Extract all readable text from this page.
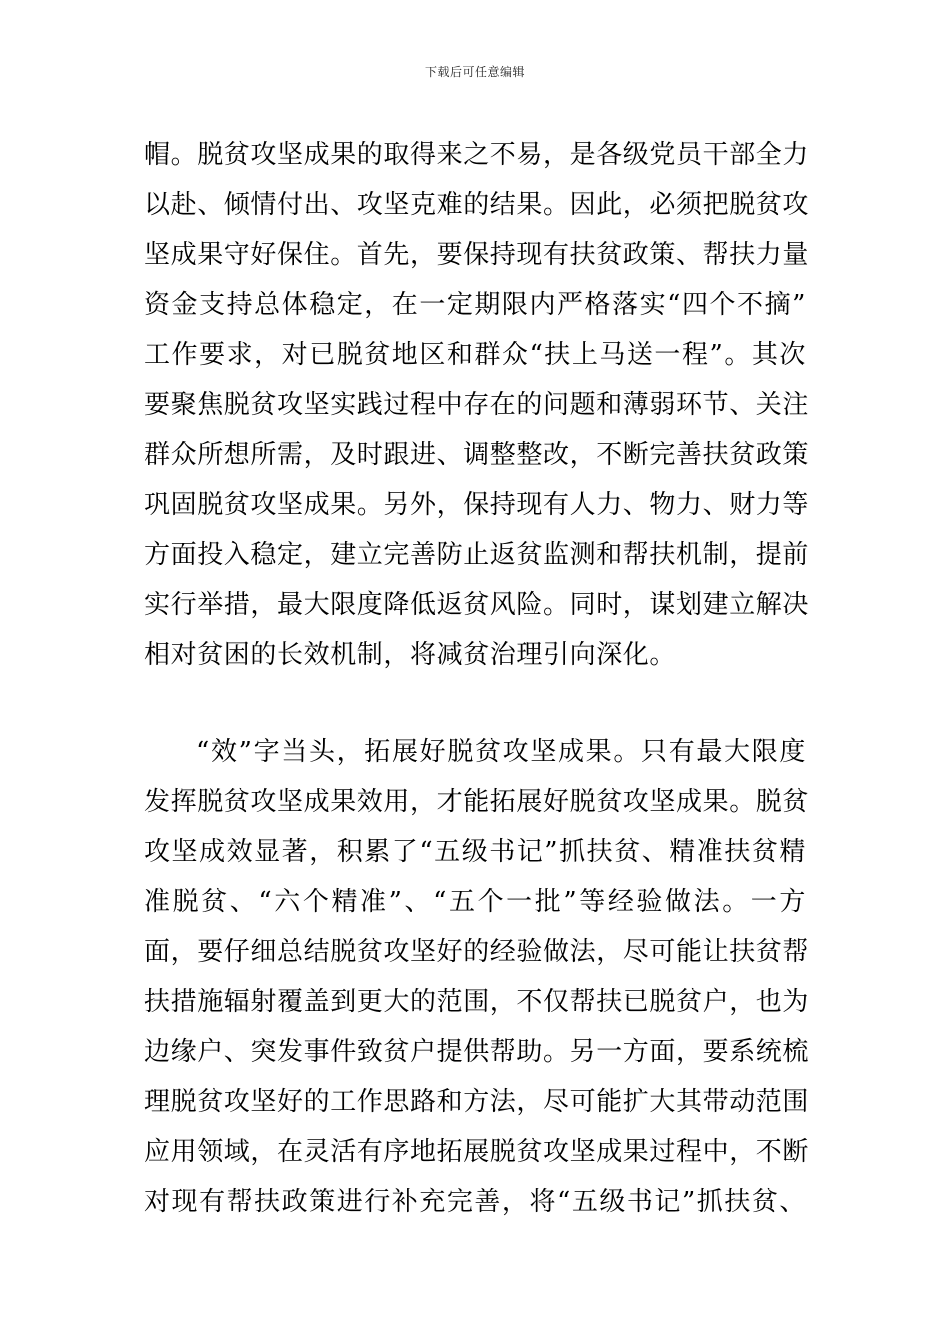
下载后可任意编辑
帽。脱贫攻坚成果的取得来之不易，是各级党员干部全力
以赴、倾情付出、攻坚克难的结果。因此，必须把脱贫攻
坚成果守好保住。首先，要保持现有扶贫政策、帮扶力量
资金支持总体稳定，在一定期限内严格落实“四个不摘”
工作要求，对已脱贫地区和群众“扶上马送一程”。其次
要聚焦脱贫攻坚实践过程中存在的问题和薄弱环节、关注
群众所想所需，及时跟进、调整整改，不断完善扶贫政策
巩固脱贫攻坚成果。另外，保持现有人力、物力、财力等
方面投入稳定，建立完善防止返贫监测和帮扶机制，提前
实行举措，最大限度降低返贫风险。同时，谋划建立解决
相对贫困的长效机制，将减贫治理引向深化。
“效”字当头，拓展好脱贫攻坚成果。只有最大限度
发挥脱贫攻坚成果效用，才能拓展好脱贫攻坚成果。脱贫
攻坚成效显著，积累了“五级书记”抓扶贫、精准扶贫精
准脱贫、“六个精准”、“五个一批”等经验做法。一方
面，要仔细总结脱贫攻坚好的经验做法，尽可能让扶贫帮
扶措施辐射覆盖到更大的范围，不仅帮扶已脱贫户，也为
边缘户、突发事件致贫户提供帮助。另一方面，要系统梳
理脱贫攻坚好的工作思路和方法，尽可能扩大其带动范围
应用领域，在灵活有序地拓展脱贫攻坚成果过程中，不断
对现有帮扶政策进行补充完善，将“五级书记”抓扶贫、
